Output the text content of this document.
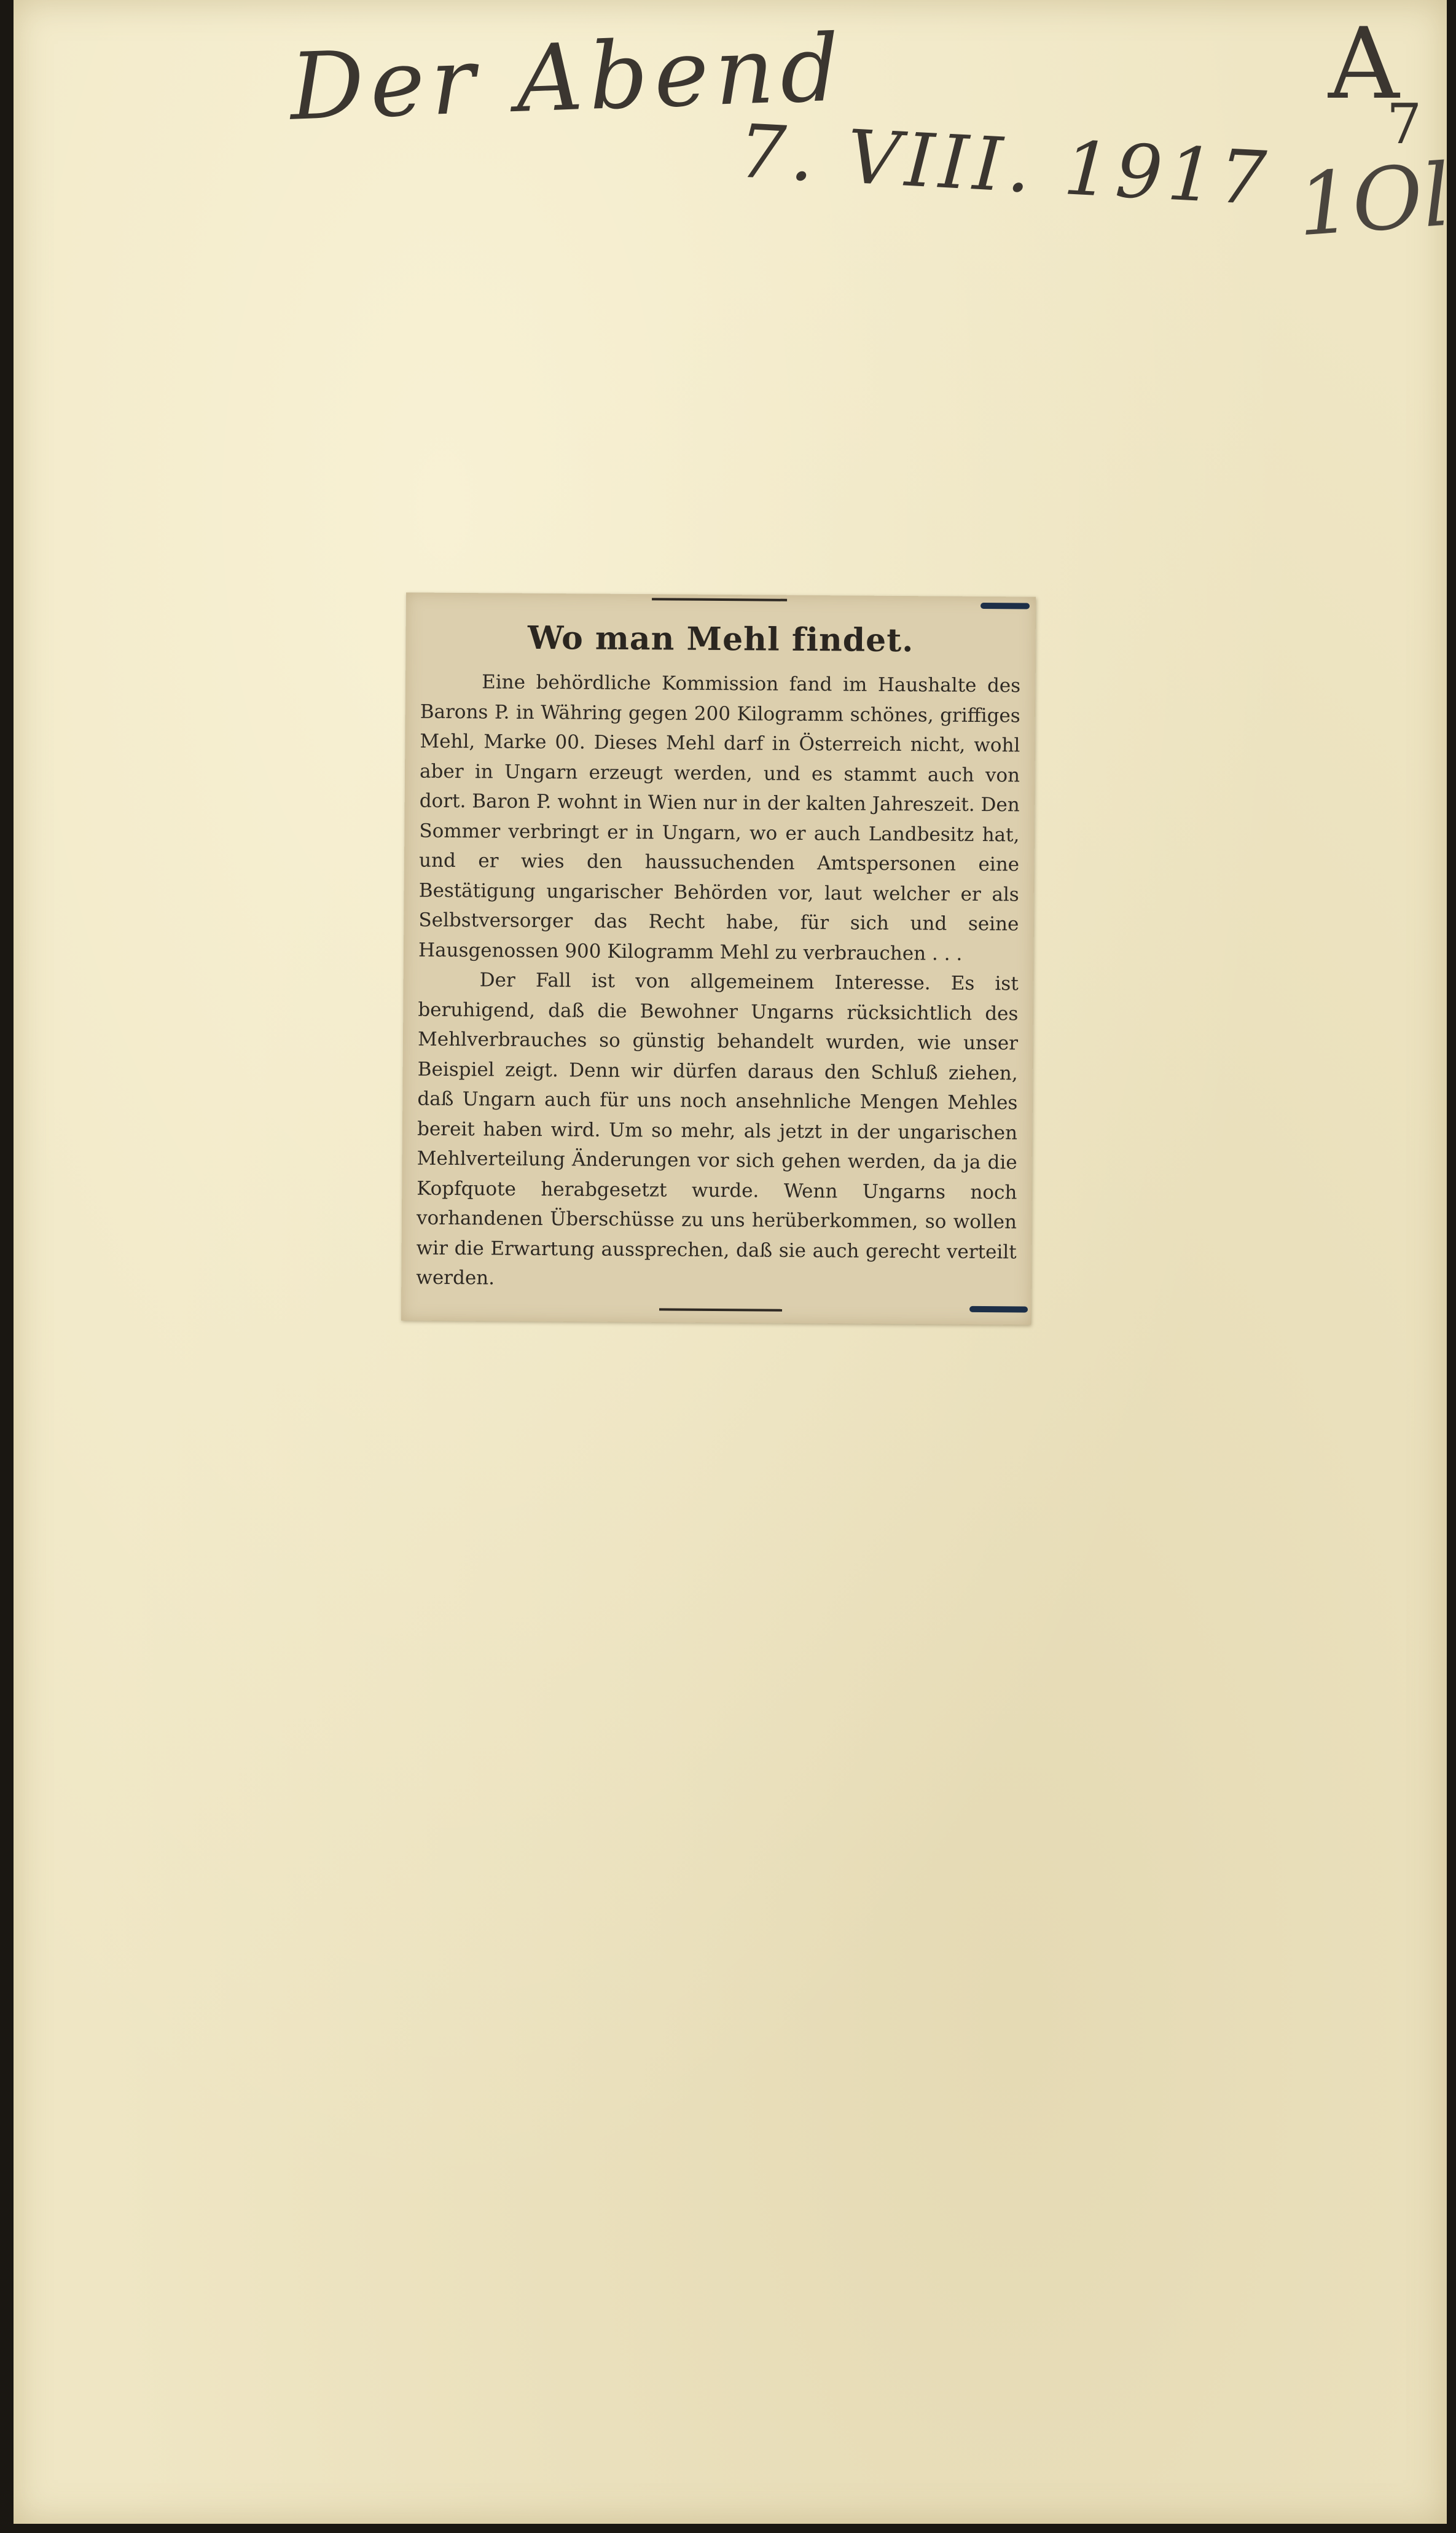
Der Abend
7. VIII. 1917
A
7
1Ol
Wo man Mehl findet.

Eine behördliche Kommission fand im Haushalte des Barons P. in Währing gegen 200 Kilogramm schönes, griffiges Mehl, Marke 00. Dieses Mehl darf in Österreich nicht, wohl aber in Ungarn erzeugt werden, und es stammt auch von dort. Baron P. wohnt in Wien nur in der kalten Jahreszeit. Den Sommer verbringt er in Ungarn, wo er auch Landbesitz hat, und er wies den haussuchenden Amtspersonen eine Bestätigung ungarischer Behörden vor, laut welcher er als Selbstversorger das Recht habe, für sich und seine Hausgenossen 900 Kilogramm Mehl zu verbrauchen . . .

Der Fall ist von allgemeinem Interesse. Es ist beruhigend, daß die Bewohner Ungarns rücksichtlich des Mehlverbrauches so günstig behandelt wurden, wie unser Beispiel zeigt. Denn wir dürfen daraus den Schluß ziehen, daß Ungarn auch für uns noch ansehnliche Mengen Mehles bereit haben wird. Um so mehr, als jetzt in der ungarischen Mehlverteilung Änderungen vor sich gehen werden, da ja die Kopfquote herabgesetzt wurde. Wenn Ungarns noch vorhandenen Überschüsse zu uns herüberkommen, so wollen wir die Erwartung aussprechen, daß sie auch gerecht verteilt werden.
